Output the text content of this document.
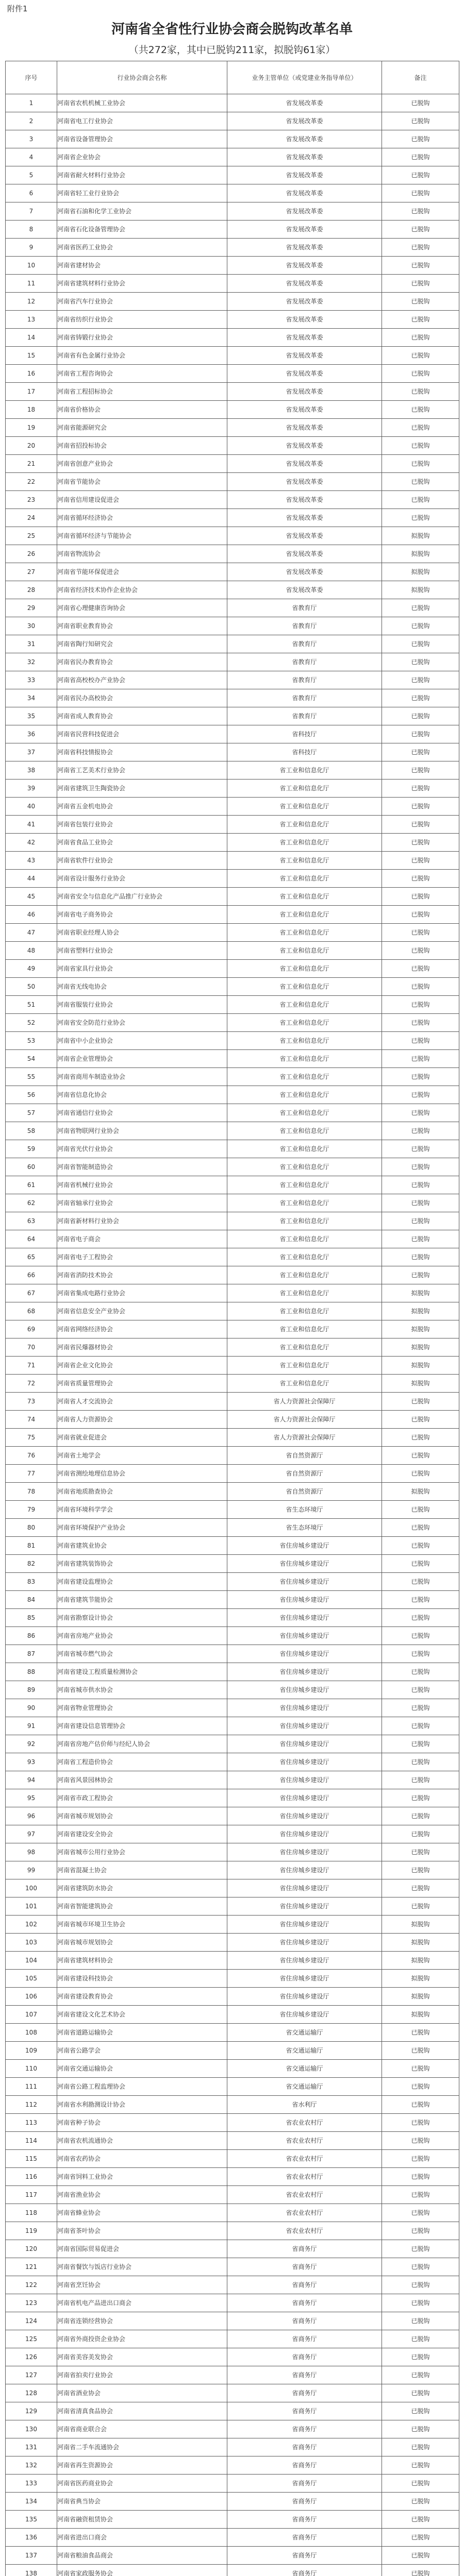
附件1
河南省全省性行业协会商会脱钩改革名单
（共272家，其中已脱钩211家，拟脱钩61家）
序号	行业协会商会名称	业务主管单位（或党建业务指导单位）	备注
1	河南省农机机械工业协会	省发展改革委	已脱钩
2	河南省电工行业协会	省发展改革委	已脱钩
3	河南省设备管理协会	省发展改革委	已脱钩
4	河南省企业协会	省发展改革委	已脱钩
5	河南省耐火材料行业协会	省发展改革委	已脱钩
6	河南省轻工业行业协会	省发展改革委	已脱钩
7	河南省石油和化学工业协会	省发展改革委	已脱钩
8	河南省石化设备管理协会	省发展改革委	已脱钩
9	河南省医药工业协会	省发展改革委	已脱钩
10	河南省建材协会	省发展改革委	已脱钩
11	河南省建筑材料行业协会	省发展改革委	已脱钩
12	河南省汽车行业协会	省发展改革委	已脱钩
13	河南省纺织行业协会	省发展改革委	已脱钩
14	河南省铸锻行业协会	省发展改革委	已脱钩
15	河南省有色金属行业协会	省发展改革委	已脱钩
16	河南省工程咨询协会	省发展改革委	已脱钩
17	河南省工程招标协会	省发展改革委	已脱钩
18	河南省价格协会	省发展改革委	已脱钩
19	河南省能源研究会	省发展改革委	已脱钩
20	河南省招投标协会	省发展改革委	已脱钩
21	河南省创意产业协会	省发展改革委	已脱钩
22	河南省节能协会	省发展改革委	已脱钩
23	河南省信用建设促进会	省发展改革委	已脱钩
24	河南省循环经济协会	省发展改革委	已脱钩
25	河南省循环经济与节能协会	省发展改革委	拟脱钩
26	河南省物流协会	省发展改革委	拟脱钩
27	河南省节能环保促进会	省发展改革委	拟脱钩
28	河南省经济技术协作企业协会	省发展改革委	拟脱钩
29	河南省心理健康咨询协会	省教育厅	已脱钩
30	河南省职业教育协会	省教育厅	已脱钩
31	河南省陶行知研究会	省教育厅	已脱钩
32	河南省民办教育协会	省教育厅	已脱钩
33	河南省高校校办产业协会	省教育厅	已脱钩
34	河南省民办高校协会	省教育厅	已脱钩
35	河南省成人教育协会	省教育厅	已脱钩
36	河南省民营科技促进会	省科技厅	已脱钩
37	河南省科技情报协会	省科技厅	已脱钩
38	河南省工艺美术行业协会	省工业和信息化厅	已脱钩
39	河南省建筑卫生陶瓷协会	省工业和信息化厅	已脱钩
40	河南省五金机电协会	省工业和信息化厅	已脱钩
41	河南省包装行业协会	省工业和信息化厅	已脱钩
42	河南省食品工业协会	省工业和信息化厅	已脱钩
43	河南省软件行业协会	省工业和信息化厅	已脱钩
44	河南省设计服务行业协会	省工业和信息化厅	已脱钩
45	河南省安全与信息化产品推广行业协会	省工业和信息化厅	已脱钩
46	河南省电子商务协会	省工业和信息化厅	已脱钩
47	河南省职业经理人协会	省工业和信息化厅	已脱钩
48	河南省塑料行业协会	省工业和信息化厅	已脱钩
49	河南省家具行业协会	省工业和信息化厅	已脱钩
50	河南省无线电协会	省工业和信息化厅	已脱钩
51	河南省服装行业协会	省工业和信息化厅	已脱钩
52	河南省安全防范行业协会	省工业和信息化厅	已脱钩
53	河南省中小企业协会	省工业和信息化厅	已脱钩
54	河南省企业管理协会	省工业和信息化厅	已脱钩
55	河南省商用车制造业协会	省工业和信息化厅	已脱钩
56	河南省信息化协会	省工业和信息化厅	已脱钩
57	河南省通信行业协会	省工业和信息化厅	已脱钩
58	河南省物联网行业协会	省工业和信息化厅	已脱钩
59	河南省光伏行业协会	省工业和信息化厅	已脱钩
60	河南省智能制造协会	省工业和信息化厅	已脱钩
61	河南省机械行业协会	省工业和信息化厅	已脱钩
62	河南省轴承行业协会	省工业和信息化厅	已脱钩
63	河南省新材料行业协会	省工业和信息化厅	已脱钩
64	河南省电子商会	省工业和信息化厅	已脱钩
65	河南省电子工程协会	省工业和信息化厅	已脱钩
66	河南省消防技术协会	省工业和信息化厅	已脱钩
67	河南省集成电路行业协会	省工业和信息化厅	拟脱钩
68	河南省信息安全产业协会	省工业和信息化厅	拟脱钩
69	河南省网络经济协会	省工业和信息化厅	拟脱钩
70	河南省民爆器材协会	省工业和信息化厅	拟脱钩
71	河南省企业文化协会	省工业和信息化厅	拟脱钩
72	河南省质量管理协会	省工业和信息化厅	拟脱钩
73	河南省人才交流协会	省人力资源社会保障厅	已脱钩
74	河南省人力资源协会	省人力资源社会保障厅	已脱钩
75	河南省就业促进会	省人力资源社会保障厅	已脱钩
76	河南省土地学会	省自然资源厅	已脱钩
77	河南省测绘地理信息协会	省自然资源厅	已脱钩
78	河南省地质勘查协会	省自然资源厅	拟脱钩
79	河南省环境科学学会	省生态环境厅	已脱钩
80	河南省环境保护产业协会	省生态环境厅	已脱钩
81	河南省建筑业协会	省住房城乡建设厅	已脱钩
82	河南省建筑装饰协会	省住房城乡建设厅	已脱钩
83	河南省建设监理协会	省住房城乡建设厅	已脱钩
84	河南省建筑节能协会	省住房城乡建设厅	已脱钩
85	河南省勘察设计协会	省住房城乡建设厅	已脱钩
86	河南省房地产业协会	省住房城乡建设厅	已脱钩
87	河南省城市燃气协会	省住房城乡建设厅	已脱钩
88	河南省建设工程质量检测协会	省住房城乡建设厅	已脱钩
89	河南省城市供水协会	省住房城乡建设厅	已脱钩
90	河南省物业管理协会	省住房城乡建设厅	已脱钩
91	河南省建设信息管理协会	省住房城乡建设厅	已脱钩
92	河南省房地产估价师与经纪人协会	省住房城乡建设厅	已脱钩
93	河南省工程造价协会	省住房城乡建设厅	已脱钩
94	河南省风景园林协会	省住房城乡建设厅	已脱钩
95	河南省市政工程协会	省住房城乡建设厅	已脱钩
96	河南省城市规划协会	省住房城乡建设厅	已脱钩
97	河南省建设安全协会	省住房城乡建设厅	已脱钩
98	河南省城市公用行业协会	省住房城乡建设厅	已脱钩
99	河南省混凝土协会	省住房城乡建设厅	已脱钩
100	河南省建筑防水协会	省住房城乡建设厅	已脱钩
101	河南省智能建筑协会	省住房城乡建设厅	已脱钩
102	河南省城市环境卫生协会	省住房城乡建设厅	拟脱钩
103	河南省城市规划协会	省住房城乡建设厅	拟脱钩
104	河南省建筑材料协会	省住房城乡建设厅	拟脱钩
105	河南省建设科技协会	省住房城乡建设厅	拟脱钩
106	河南省建设教育协会	省住房城乡建设厅	拟脱钩
107	河南省建设文化艺术协会	省住房城乡建设厅	拟脱钩
108	河南省道路运输协会	省交通运输厅	已脱钩
109	河南省公路学会	省交通运输厅	已脱钩
110	河南省交通运输协会	省交通运输厅	已脱钩
111	河南省公路工程监理协会	省交通运输厅	已脱钩
112	河南省水利勘测设计协会	省水利厅	已脱钩
113	河南省种子协会	省农业农村厅	已脱钩
114	河南省农机流通协会	省农业农村厅	已脱钩
115	河南省农药协会	省农业农村厅	已脱钩
116	河南省饲料工业协会	省农业农村厅	已脱钩
117	河南省渔业协会	省农业农村厅	已脱钩
118	河南省蜂业协会	省农业农村厅	已脱钩
119	河南省茶叶协会	省农业农村厅	已脱钩
120	河南省国际贸易促进会	省商务厅	已脱钩
121	河南省餐饮与饭店行业协会	省商务厅	已脱钩
122	河南省烹饪协会	省商务厅	已脱钩
123	河南省机电产品进出口商会	省商务厅	已脱钩
124	河南省连锁经营协会	省商务厅	已脱钩
125	河南省外商投资企业协会	省商务厅	已脱钩
126	河南省美容美发协会	省商务厅	已脱钩
127	河南省拍卖行业协会	省商务厅	已脱钩
128	河南省酒业协会	省商务厅	已脱钩
129	河南省清真食品协会	省商务厅	已脱钩
130	河南省商业联合会	省商务厅	已脱钩
131	河南省二手车流通协会	省商务厅	已脱钩
132	河南省再生资源协会	省商务厅	已脱钩
133	河南省医药商业协会	省商务厅	已脱钩
134	河南省典当协会	省商务厅	已脱钩
135	河南省融资租赁协会	省商务厅	已脱钩
136	河南省进出口商会	省商务厅	已脱钩
137	河南省粮油食品商会	省商务厅	已脱钩
138	河南省家政服务协会	省商务厅	已脱钩
